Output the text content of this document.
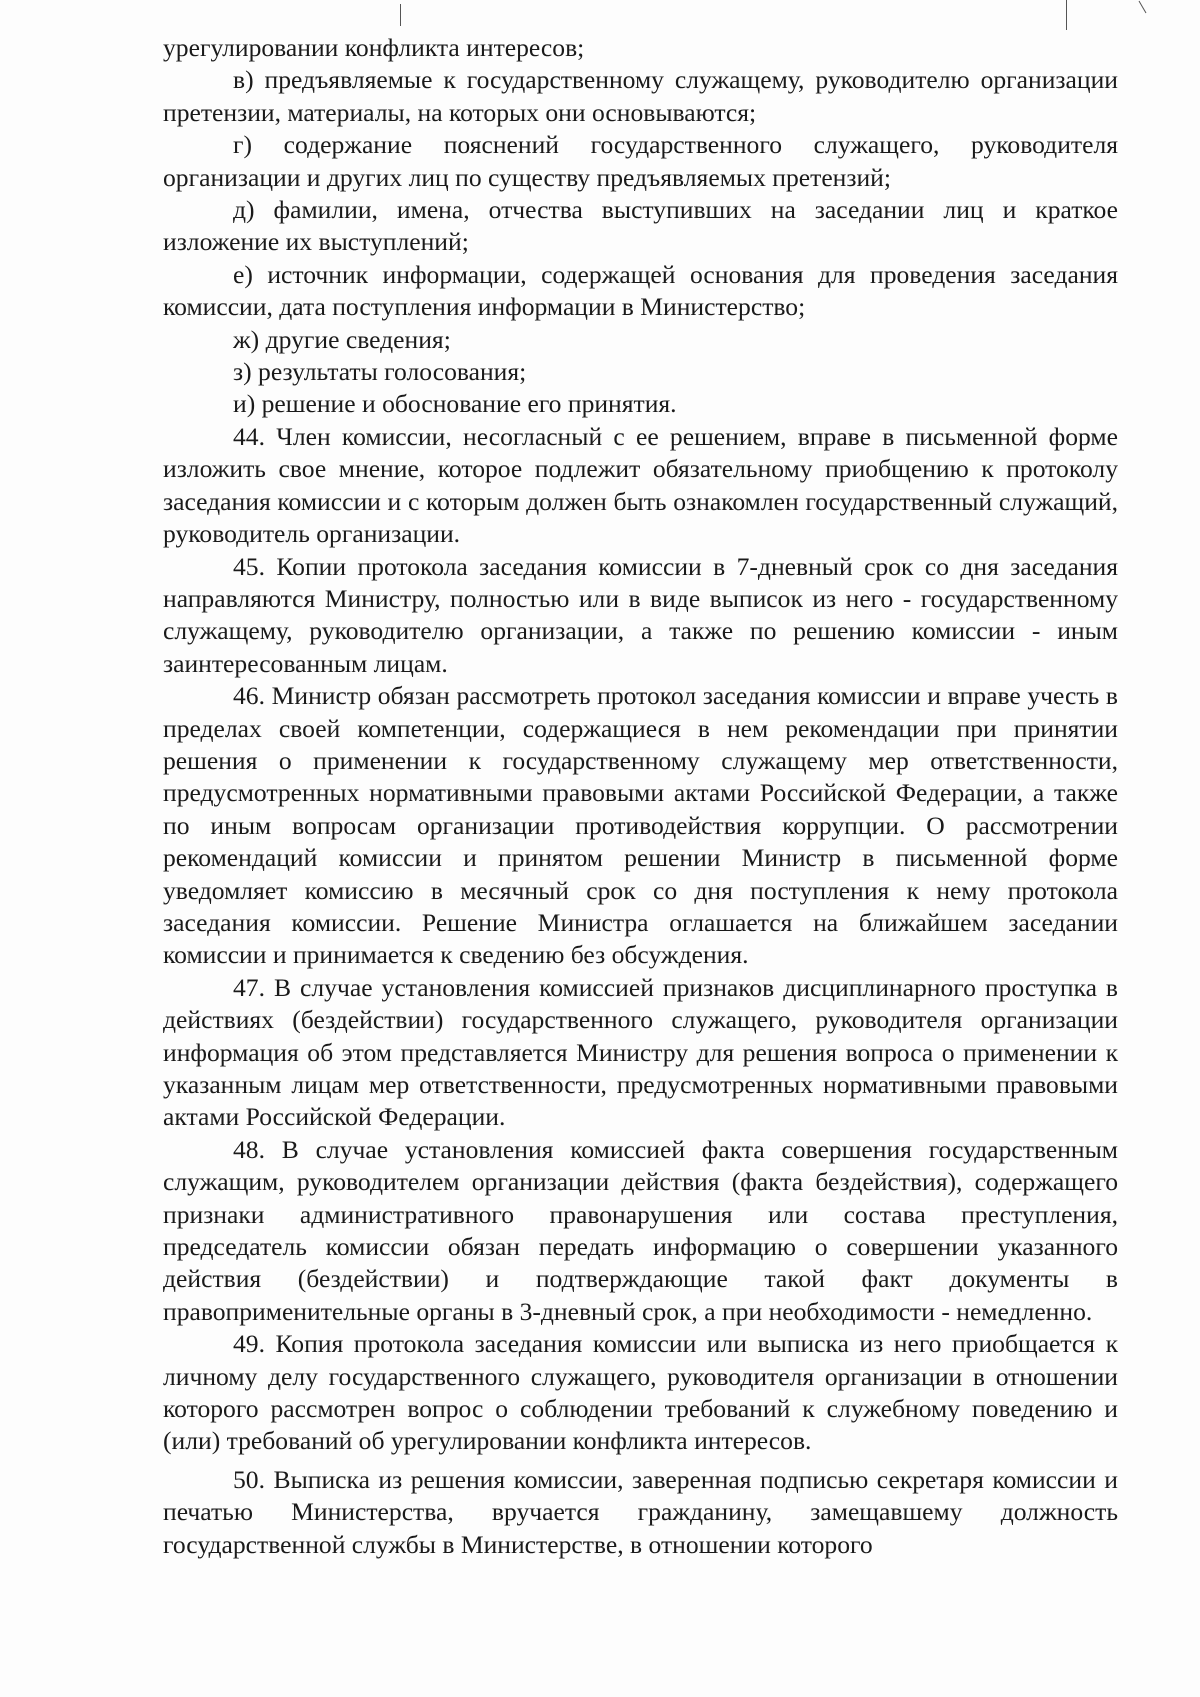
урегулировании конфликта интересов;

в) предъявляемые к государственному служащему, руководителю организации претензии, материалы, на которых они основываются;

г) содержание пояснений государственного служащего, руководителя организации и других лиц по существу предъявляемых претензий;

д) фамилии, имена, отчества выступивших на заседании лиц и краткое изложение их выступлений;

е) источник информации, содержащей основания для проведения заседания комиссии, дата поступления информации в Министерство;

ж) другие сведения;

з) результаты голосования;

и) решение и обоснование его принятия.

44. Член комиссии, несогласный с ее решением, вправе в письменной форме изложить свое мнение, которое подлежит обязательному приобщению к протоколу заседания комиссии и с которым должен быть ознакомлен государственный служащий, руководитель организации.

45. Копии протокола заседания комиссии в 7-дневный срок со дня заседания направляются Министру, полностью или в виде выписок из него - государственному служащему, руководителю организации, а также по решению комиссии - иным заинтересованным лицам.

46. Министр обязан рассмотреть протокол заседания комиссии и вправе учесть в пределах своей компетенции, содержащиеся в нем рекомендации при принятии решения о применении к государственному служащему мер ответственности, предусмотренных нормативными правовыми актами Российской Федерации, а также по иным вопросам организации противодействия коррупции. О рассмотрении рекомендаций комиссии и принятом решении Министр в письменной форме уведомляет комиссию в месячный срок со дня поступления к нему протокола заседания комиссии. Решение Министра оглашается на ближайшем заседании комиссии и принимается к сведению без обсуждения.

47. В случае установления комиссией признаков дисциплинарного проступка в действиях (бездействии) государственного служащего, руководителя организации информация об этом представляется Министру для решения вопроса о применении к указанным лицам мер ответственности, предусмотренных нормативными правовыми актами Российской Федерации.

48. В случае установления комиссией факта совершения государственным служащим, руководителем организации действия (факта бездействия), содержащего признаки административного правонарушения или состава преступления, председатель комиссии обязан передать информацию о совершении указанного действия (бездействии) и подтверждающие такой факт документы в правоприменительные органы в 3-дневный срок, а при необходимости - немедленно.

49. Копия протокола заседания комиссии или выписка из него приобщается к личному делу государственного служащего, руководителя организации в отношении которого рассмотрен вопрос о соблюдении требований к служебному поведению и (или) требований об урегулировании конфликта интересов.

50. Выписка из решения комиссии, заверенная подписью секретаря комиссии и печатью Министерства, вручается гражданину, замещавшему должность государственной службы в Министерстве, в отношении которого
